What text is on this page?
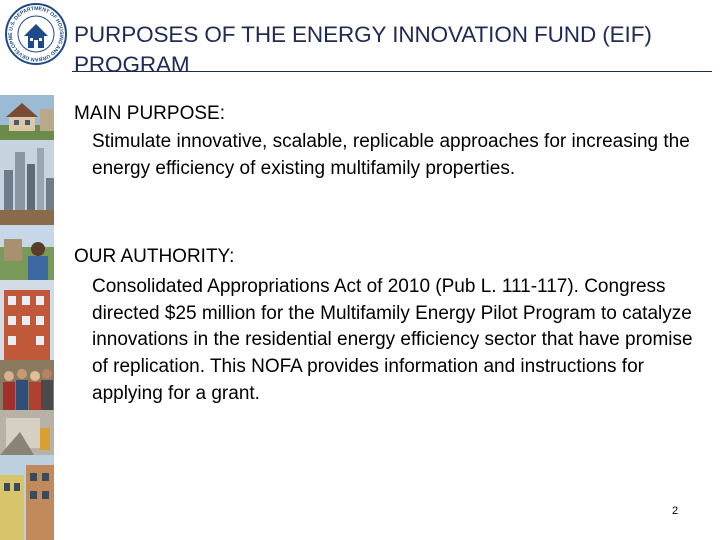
U.S. DEPARTMENT OF HOUSING AND URBAN DEVELOPME	PURPOSES OF THE ENERGY INNOVATION FUND (EIF)
PROGRAM
MAIN PURPOSE:
Stimulate innovative, scalable, replicable approaches for increasing the energy efficiency of existing multifamily properties.
OUR AUTHORITY:
Consolidated Appropriations Act of 2010 (Pub L. 111-117). Congress directed $25 million for the Multifamily Energy Pilot Program to catalyze innovations in the residential energy efficiency sector that have promise of replication. This NOFA provides information and instructions for applying for a grant.
2
